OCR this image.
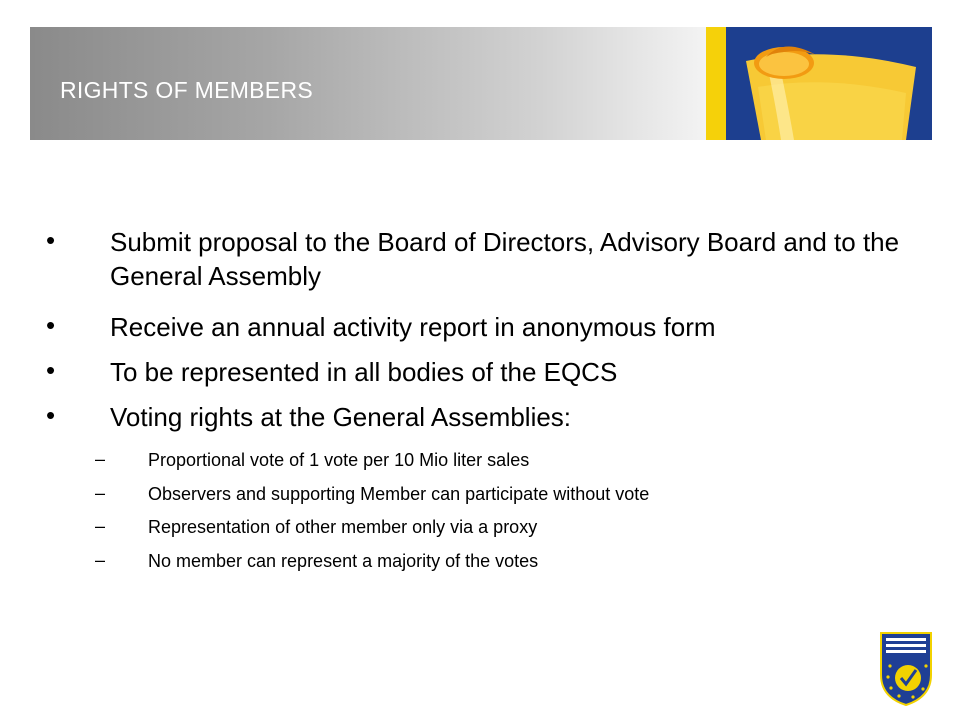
RIGHTS OF MEMBERS
• Submit proposal to the Board of Directors, Advisory Board and to the General Assembly
• Receive an annual activity report in anonymous form
• To be represented in all bodies of the EQCS
• Voting rights at the General Assemblies:
– Proportional vote of 1 vote per 10 Mio liter sales
– Observers and supporting Member can participate without vote
– Representation of other member only via a proxy
– No member can represent a majority of the votes
